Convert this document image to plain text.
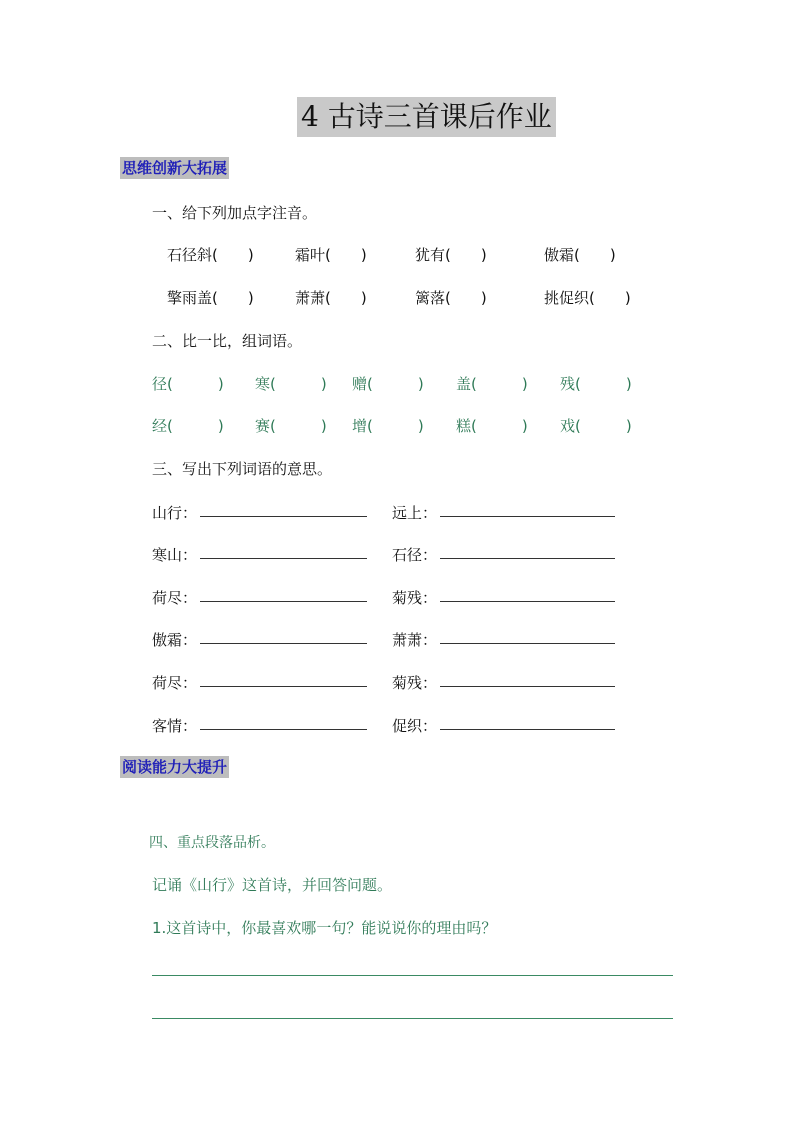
4 古诗三首课后作业
思维创新大拓展
一、给下列加点字注音。
石径斜(　　)	霜叶(　　)	犹有(　　)	傲霜(　　)
擎雨盖(　　)	萧萧(　　)	篱落(　　)	挑促织(　　)
二、比一比，组词语。
径(　　　) 寒(　　　) 赠(　　　) 盖(　　　) 残(　　　)
经(　　　) 赛(　　　) 增(　　　) 糕(　　　) 戏(　　　)
三、写出下列词语的意思。
山行：	远上：
寒山：	石径：
荷尽：	菊残：
傲霜：	萧萧：
荷尽：	菊残：
客情：	促织：
阅读能力大提升
四、重点段落品析。
记诵《山行》这首诗，并回答问题。
1.这首诗中，你最喜欢哪一句？能说说你的理由吗？
